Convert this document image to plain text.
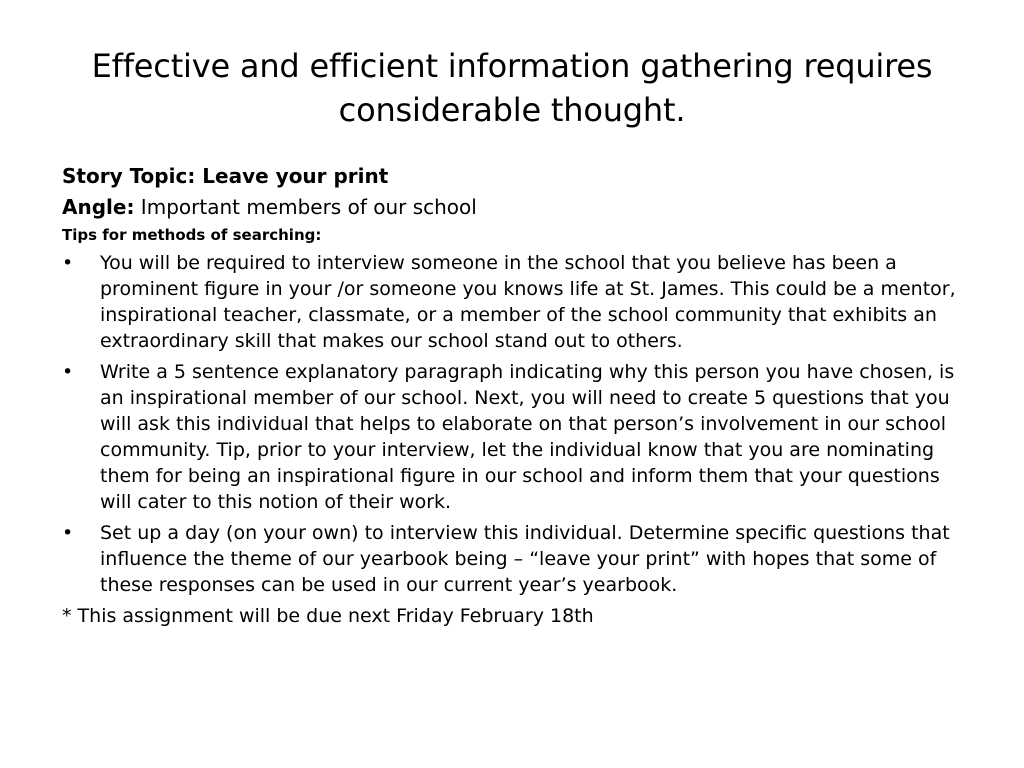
Effective and efficient information gathering requires considerable thought.
Story Topic: Leave your print
Angle: Important members of our school
Tips for methods of searching:
•	You will be required to interview someone in the school that you believe has been a prominent figure in your /or someone you knows life at St. James. This could be a mentor, inspirational teacher, classmate, or a member of the school community that exhibits an extraordinary skill that makes our school stand out to others.
•	Write a 5 sentence explanatory paragraph indicating why this person you have chosen, is an inspirational member of our school. Next, you will need to create 5 questions that you will ask this individual that helps to elaborate on that person’s involvement in our school community. Tip, prior to your interview, let the individual know that you are nominating them for being an inspirational figure in our school and inform them that your questions will cater to this notion of their work.
•	Set up a day (on your own) to interview this individual. Determine specific questions that influence the theme of our yearbook being – “leave your print” with hopes that some of these responses can be used in our current year’s yearbook.
* This assignment will be due next Friday February 18th
